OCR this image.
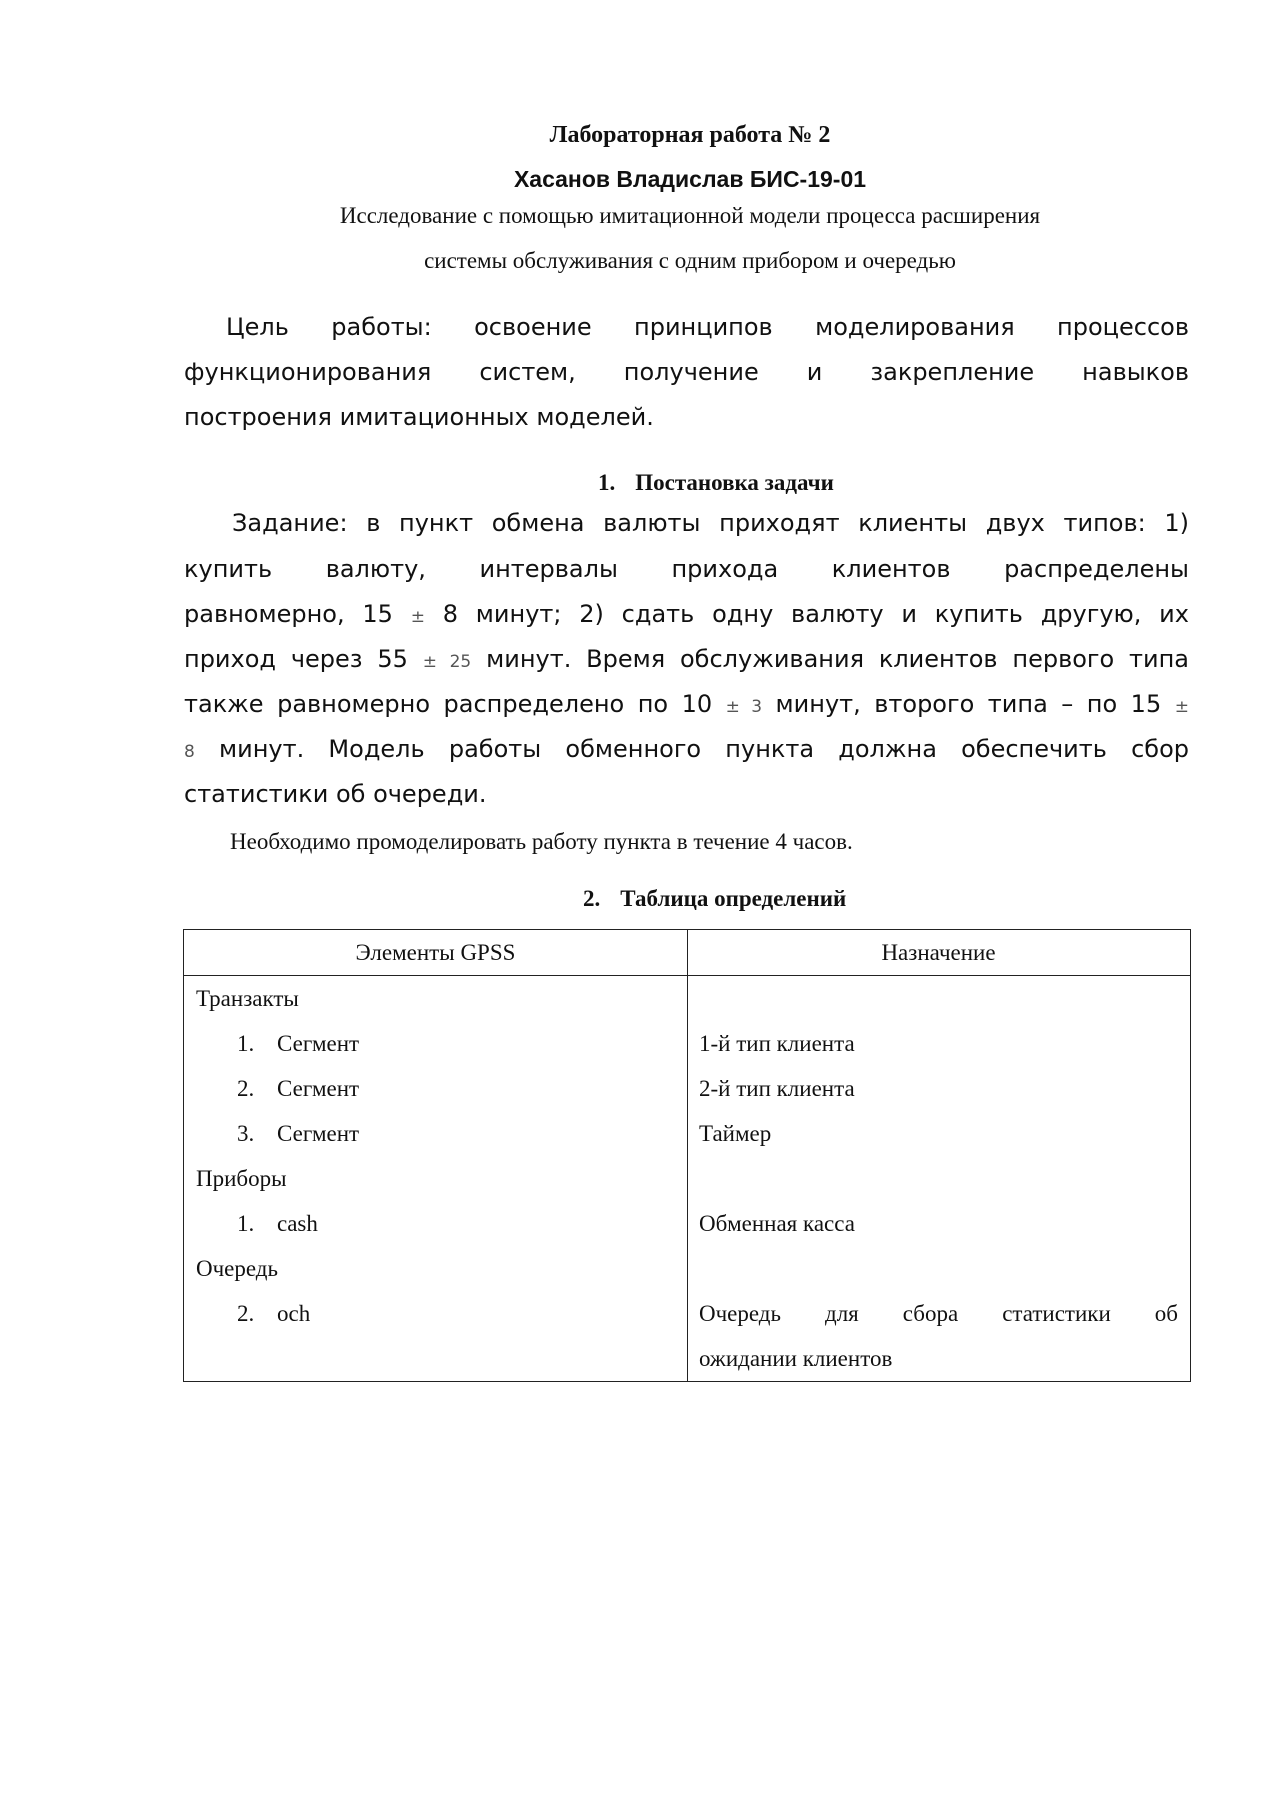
Лабораторная работа № 2
Хасанов Владислав БИС-19-01
Исследование с помощью имитационной модели процесса расширения
системы обслуживания с одним прибором и очередью
Цель работы: освоение принципов моделирования процессов
функционирования систем, получение и закрепление навыков
построения имитационных моделей.
1. Постановка задачи
Задание: в пункт обмена валюты приходят клиенты двух типов: 1)
купить валюту, интервалы прихода клиентов распределены
равномерно, 15 ± 8 минут; 2) сдать одну валюту и купить другую, их
приход через 55 ± 25 минут. Время обслуживания клиентов первого типа
также равномерно распределено по 10 ± 3 минут, второго типа – по 15 ±
8 минут. Модель работы обменного пункта должна обеспечить сбор
статистики об очереди.
Необходимо промоделировать работу пункта в течение 4 часов.
2. Таблица определений
Элементы GPSS	Назначение
Транзакты
1. Сегмент	1-й тип клиента
2. Сегмент	2-й тип клиента
3. Сегмент	Таймер
Приборы
1. cash	Обменная касса
Очередь
2. och	Очередь для сбора статистики об
ожидании клиентов
